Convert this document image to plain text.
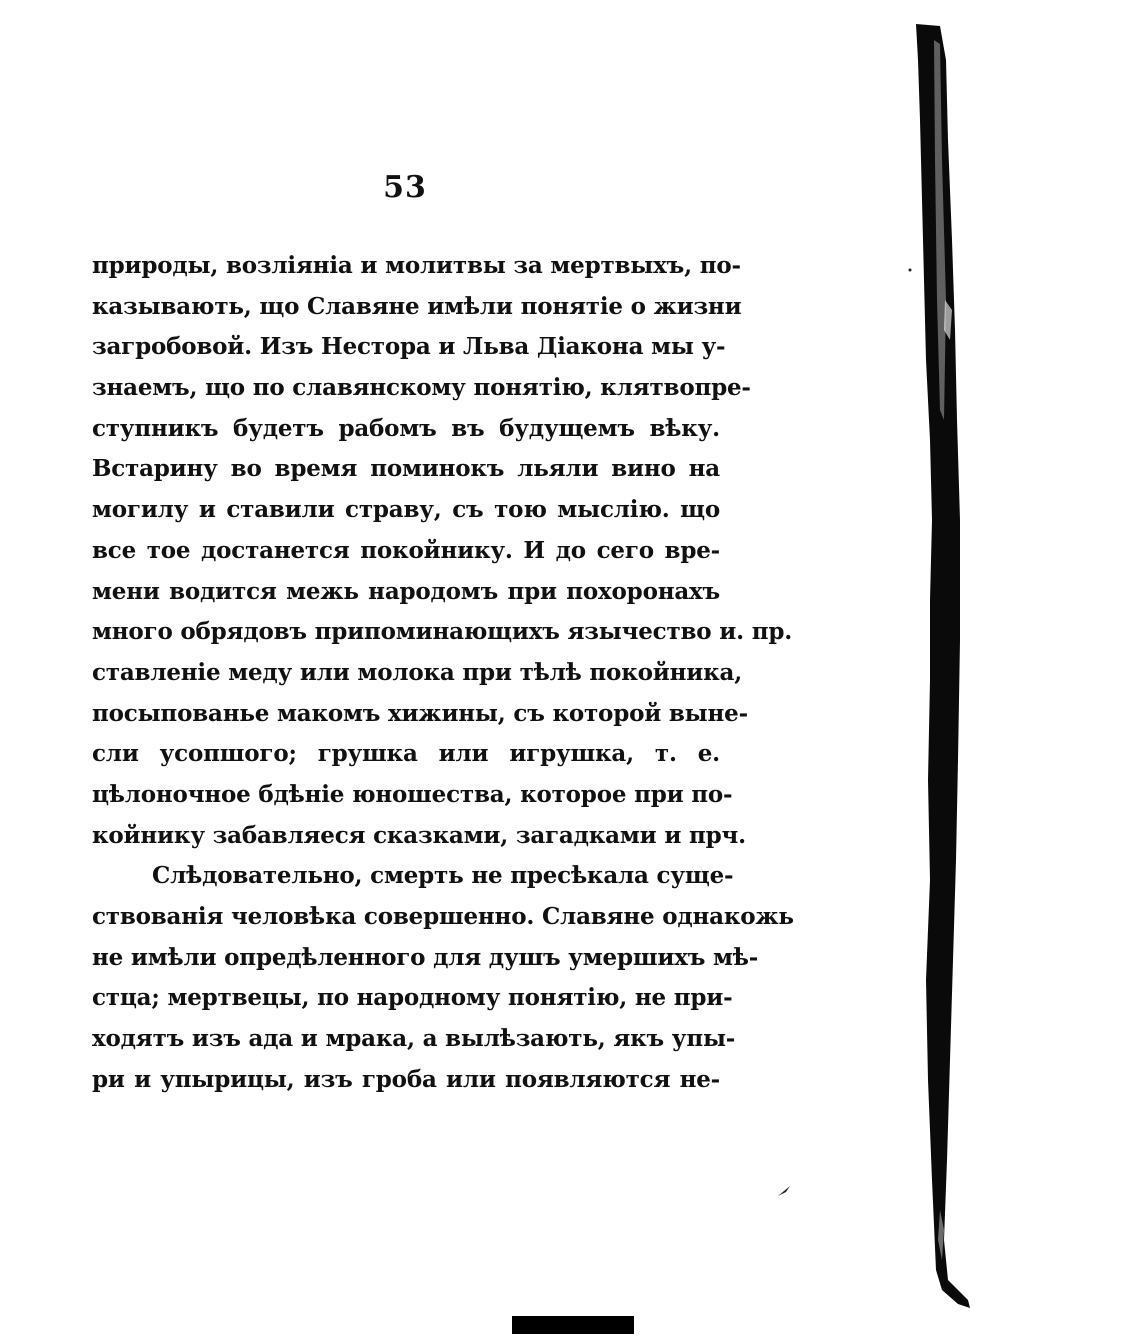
53
природы, возліяніа и молитвы за мертвыхъ, по-
казывають, що Славяне имѣли понятіе о жизни
загробовой. Изъ Нестора и Льва Діакона мы у-
знаемъ, що по славянскому понятію, клятвопре-
ступникъ будетъ рабомъ въ будущемъ вѣку.
Встарину во время поминокъ льяли вино на
могилу и ставили страву, съ тою мыслію. що
все тое достанется покойнику. И до сего вре-
мени водится межь народомъ при похоронахъ
много обрядовъ припоминающихъ язычество и. пр.
ставленіе меду или молока при тѣлѣ покойника,
посыпованье макомъ хижины, съ которой выне-
сли усопшого; грушка или игрушка, т. е.
цѣлоночное бдѣніе юношества, которое при по-
койнику забавляеся сказками, загадками и прч.
Слѣдовательно, смерть не пресѣкала суще-
ствованія человѣка совершенно. Славяне однакожь
не имѣли опредѣленного для душъ умершихъ мѣ-
стца; мертвецы, по народному понятію, не при-
ходятъ изъ ада и мрака, а вылѣзають, якъ упы-
ри и упырицы, изъ гроба или появляются не-
